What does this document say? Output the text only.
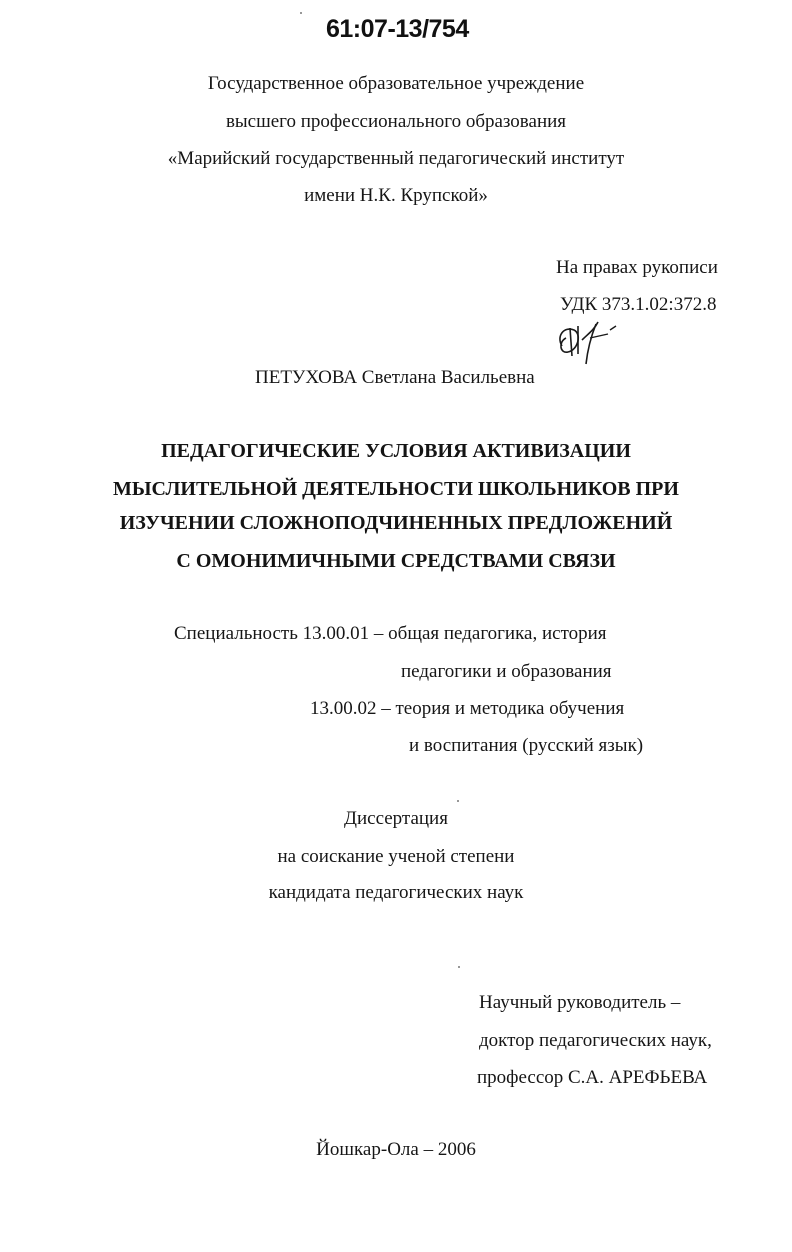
61:07-13/754
Государственное образовательное учреждение
высшего профессионального образования
«Марийский государственный педагогический институт
имени Н.К. Крупской»
На правах рукописи
УДК 373.1.02:372.8
ПЕТУХОВА Светлана Васильевна
ПЕДАГОГИЧЕСКИЕ УСЛОВИЯ АКТИВИЗАЦИИ
МЫСЛИТЕЛЬНОЙ ДЕЯТЕЛЬНОСТИ ШКОЛЬНИКОВ ПРИ
ИЗУЧЕНИИ СЛОЖНОПОДЧИНЕННЫХ ПРЕДЛОЖЕНИЙ
С ОМОНИМИЧНЫМИ СРЕДСТВАМИ СВЯЗИ
Специальность 13.00.01 – общая педагогика, история
педагогики и образования
13.00.02 – теория и методика обучения
и воспитания (русский язык)
Диссертация
на соискание ученой степени
кандидата педагогических наук
Научный руководитель –
доктор педагогических наук,
профессор С.А. АРЕФЬЕВА
Йошкар-Ола – 2006
